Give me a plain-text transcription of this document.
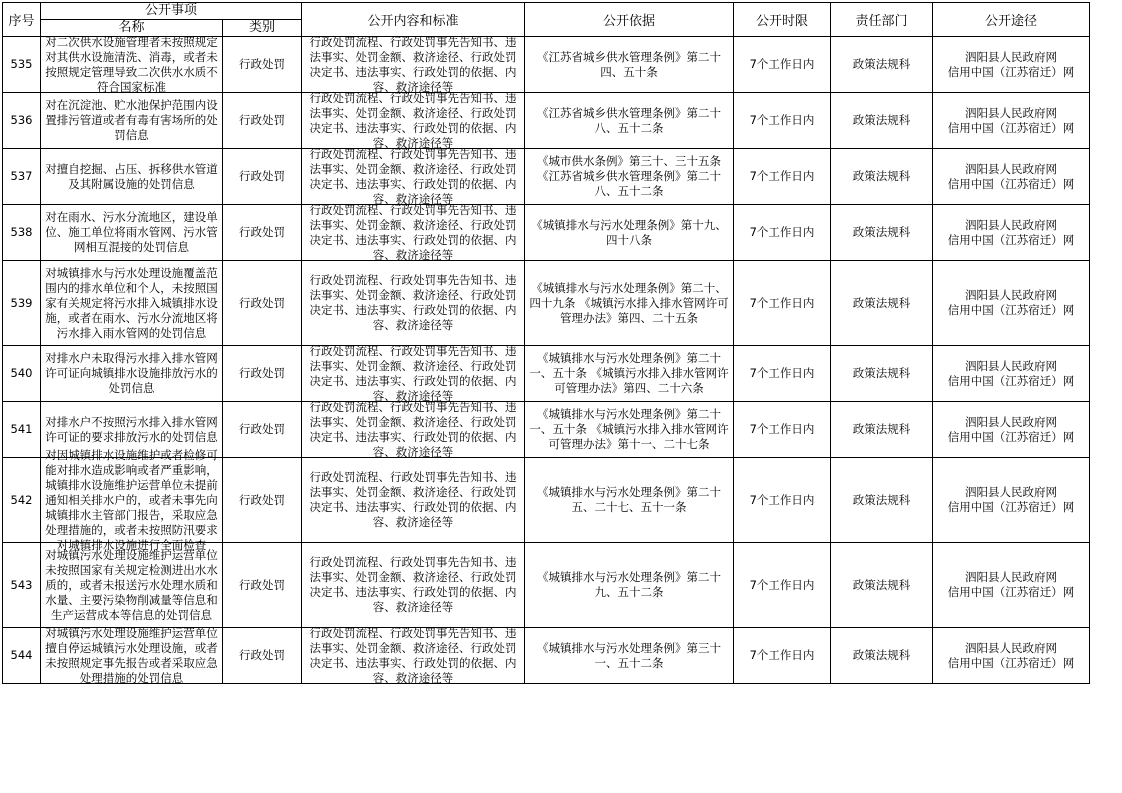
序号	公开事项		公开内容和标准	公开依据	公开时限	责任部门	公开途径
	名称	类别					

535	对二次供水设施管理者未按照规定对其供水设施清洗、消毒，或者未按照规定管理导致二次供水水质不符合国家标准	行政处罚	行政处罚流程、行政处罚事先告知书、违法事实、处罚金额、救济途径、行政处罚决定书、违法事实、行政处罚的依据、内容、救济途径等	《江苏省城乡供水管理条例》第二十四、五十条	7个工作日内	政策法规科	泗阳县人民政府网
信用中国（江苏宿迁）网

536	对在沉淀池、贮水池保护范围内设置排污管道或者有毒有害场所的处罚信息	行政处罚	行政处罚流程、行政处罚事先告知书、违法事实、处罚金额、救济途径、行政处罚决定书、违法事实、行政处罚的依据、内容、救济途径等	《江苏省城乡供水管理条例》第二十八、五十二条	7个工作日内	政策法规科	泗阳县人民政府网
信用中国（江苏宿迁）网

537	对擅自挖掘、占压、拆移供水管道及其附属设施的处罚信息	行政处罚	行政处罚流程、行政处罚事先告知书、违法事实、处罚金额、救济途径、行政处罚决定书、违法事实、行政处罚的依据、内容、救济途径等	《城市供水条例》第三十、三十五条 《江苏省城乡供水管理条例》第二十八、五十二条	7个工作日内	政策法规科	泗阳县人民政府网
信用中国（江苏宿迁）网

538	对在雨水、污水分流地区，建设单位、施工单位将雨水管网、污水管网相互混接的处罚信息	行政处罚	行政处罚流程、行政处罚事先告知书、违法事实、处罚金额、救济途径、行政处罚决定书、违法事实、行政处罚的依据、内容、救济途径等	《城镇排水与污水处理条例》第十九、四十八条	7个工作日内	政策法规科	泗阳县人民政府网
信用中国（江苏宿迁）网

539	对城镇排水与污水处理设施覆盖范围内的排水单位和个人，未按照国家有关规定将污水排入城镇排水设施，或者在雨水、污水分流地区将污水排入雨水管网的处罚信息	行政处罚	行政处罚流程、行政处罚事先告知书、违法事实、处罚金额、救济途径、行政处罚决定书、违法事实、行政处罚的依据、内容、救济途径等	《城镇排水与污水处理条例》第二十、四十九条 《城镇污水排入排水管网许可管理办法》第四、二十五条	7个工作日内	政策法规科	泗阳县人民政府网
信用中国（江苏宿迁）网

540	对排水户未取得污水排入排水管网许可证向城镇排水设施排放污水的处罚信息	行政处罚	行政处罚流程、行政处罚事先告知书、违法事实、处罚金额、救济途径、行政处罚决定书、违法事实、行政处罚的依据、内容、救济途径等	《城镇排水与污水处理条例》第二十一、五十条 《城镇污水排入排水管网许可管理办法》第四、二十六条	7个工作日内	政策法规科	泗阳县人民政府网
信用中国（江苏宿迁）网

541	对排水户不按照污水排入排水管网许可证的要求排放污水的处罚信息	行政处罚	行政处罚流程、行政处罚事先告知书、违法事实、处罚金额、救济途径、行政处罚决定书、违法事实、行政处罚的依据、内容、救济途径等	《城镇排水与污水处理条例》第二十一、五十条 《城镇污水排入排水管网许可管理办法》第十一、二十七条	7个工作日内	政策法规科	泗阳县人民政府网
信用中国（江苏宿迁）网

542	对因城镇排水设施维护或者检修可能对排水造成影响或者严重影响，城镇排水设施维护运营单位未提前通知相关排水户的，或者未事先向城镇排水主管部门报告，采取应急处理措施的，或者未按照防汛要求对城镇排水设施进行全面检查	行政处罚	行政处罚流程、行政处罚事先告知书、违法事实、处罚金额、救济途径、行政处罚决定书、违法事实、行政处罚的依据、内容、救济途径等	《城镇排水与污水处理条例》第二十五、二十七、五十一条	7个工作日内	政策法规科	泗阳县人民政府网
信用中国（江苏宿迁）网

543	对城镇污水处理设施维护运营单位未按照国家有关规定检测进出水水质的，或者未报送污水处理水质和水量、主要污染物削减量等信息和生产运营成本等信息的处罚信息	行政处罚	行政处罚流程、行政处罚事先告知书、违法事实、处罚金额、救济途径、行政处罚决定书、违法事实、行政处罚的依据、内容、救济途径等	《城镇排水与污水处理条例》第二十九、五十二条	7个工作日内	政策法规科	泗阳县人民政府网
信用中国（江苏宿迁）网

544	对城镇污水处理设施维护运营单位擅自停运城镇污水处理设施，或者未按照规定事先报告或者采取应急处理措施的处罚信息	行政处罚	行政处罚流程、行政处罚事先告知书、违法事实、处罚金额、救济途径、行政处罚决定书、违法事实、行政处罚的依据、内容、救济途径等	《城镇排水与污水处理条例》第三十一、五十二条	7个工作日内	政策法规科	泗阳县人民政府网
信用中国（江苏宿迁）网
